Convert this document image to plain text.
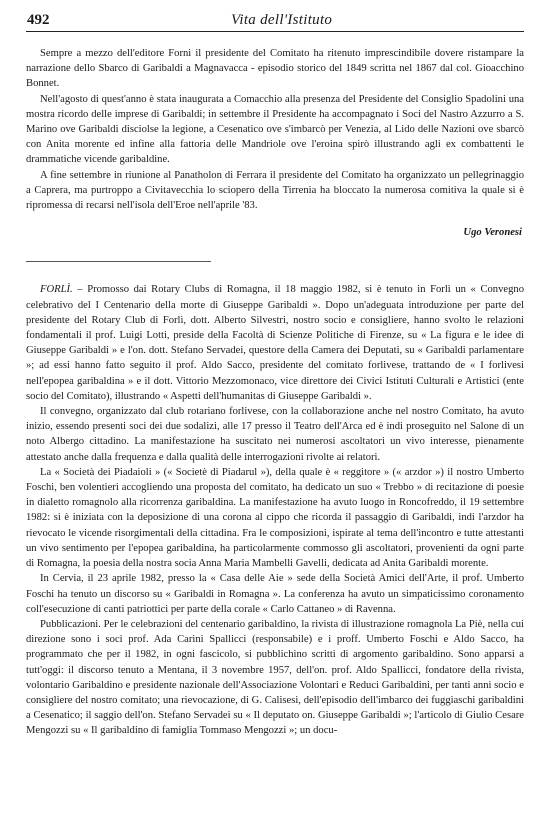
492	Vita dell'Istituto

Sempre a mezzo dell'editore Forni il presidente del Comitato ha ritenuto imprescindibile dovere ristampare la narrazione dello Sbarco di Garibaldi a Magnavacca - episodio storico del 1849 scritta nel 1867 dal col. Gioacchino Bonnet.

Nell'agosto di quest'anno è stata inaugurata a Comacchio alla presenza del Presidente del Consiglio Spadolini una mostra ricordo delle imprese di Garibaldi; in settembre il Presidente ha accompagnato i Soci del Nastro Azzurro a S. Marino ove Garibaldi disciolse la legione, a Cesenatico ove s'imbarcò per Venezia, al Lido delle Nazioni ove sbarcò con Anita morente ed infine alla fattoria delle Mandriole ove l'eroina spirò illustrando agli ex combattenti le drammatiche vicende garibaldine.

A fine settembre in riunione al Panatholon di Ferrara il presidente del Comitato ha organizzato un pellegrinaggio a Caprera, ma purtroppo a Civitavecchia lo sciopero della Tirrenia ha bloccato la numerosa comitiva la quale si è ripromessa di recarsi nell'isola dell'Eroe nell'aprile '83.

Ugo Veronesi

FORLÌ. – Promosso dai Rotary Clubs di Romagna, il 18 maggio 1982, si è tenuto in Forlì un « Convegno celebrativo del I Centenario della morte di Giuseppe Garibaldi ». Dopo un'adeguata introduzione per parte del presidente del Rotary Club di Forlì, dott. Alberto Silvestri, nostro socio e consigliere, hanno svolto le relazioni fondamentali il prof. Luigi Lotti, preside della Facoltà di Scienze Politiche di Firenze, su « La figura e le idee di Giuseppe Garibaldi » e l'on. dott. Stefano Servadei, questore della Camera dei Deputati, su « Garibaldi parlamentare »; ad essi hanno fatto seguito il prof. Aldo Sacco, presidente del comitato forlivese, trattando de « I forlivesi nell'epopea garibaldina » e il dott. Vittorio Mezzomonaco, vice direttore dei Civici Istituti Culturali e Artistici (ente socio del Comitato), illustrando « Aspetti dell'humanitas di Giuseppe Garibaldi ».

Il convegno, organizzato dal club rotariano forlivese, con la collaborazione anche nel nostro Comitato, ha avuto inizio, essendo presenti soci dei due sodalizi, alle 17 presso il Teatro dell'Arca ed è indi proseguito nel Salone di un noto Albergo cittadino. La manifestazione ha suscitato nei numerosi ascoltatori un vivo interesse, pienamente attestato anche dalla frequenza e dalla qualità delle interrogazioni rivolte ai relatori.

La « Società dei Piadaioli » (« Societè di Piadarul »), della quale è « reggitore » (« arzdor ») il nostro Umberto Foschi, ben volentieri accogliendo una proposta del comitato, ha dedicato un suo « Trebbo » di recitazione di poesie in dialetto romagnolo alla ricorrenza garibaldina. La manifestazione ha avuto luogo in Roncofreddo, il 19 settembre 1982: si è iniziata con la deposizione di una corona al cippo che ricorda il passaggio di Garibaldi, indi l'arzdor ha rievocato le vicende risorgimentali della cittadina. Fra le composizioni, ispirate al tema dell'incontro e tutte attestanti un vivo sentimento per l'epopea garibaldina, ha particolarmente commosso gli ascoltatori, provenienti da ogni parte di Romagna, la poesia della nostra socia Anna Maria Mambelli Gavelli, dedicata ad Anita Garibaldi morente.

In Cervia, il 23 aprile 1982, presso la « Casa delle Aie » sede della Società Amici dell'Arte, il prof. Umberto Foschi ha tenuto un discorso su « Garibaldi in Romagna ». La conferenza ha avuto un simpaticissimo coronamento coll'esecuzione di canti patriottici per parte della corale « Carlo Cattaneo » di Ravenna.

Pubblicazioni. Per le celebrazioni del centenario garibaldino, la rivista di illustrazione romagnola La Piè, nella cui direzione sono i soci prof. Ada Carini Spallicci (responsabile) e i proff. Umberto Foschi e Aldo Sacco, ha programmato che per il 1982, in ogni fascicolo, si pubblichino scritti di argomento garibaldino. Sono apparsi a tutt'oggi: il discorso tenuto a Mentana, il 3 novembre 1957, dell'on. prof. Aldo Spallicci, fondatore della rivista, volontario Garibaldino e presidente nazionale dell'Associazione Volontari e Reduci Garibaldini, per tanti anni socio e consigliere del nostro comitato; una rievocazione, di G. Calisesi, dell'episodio dell'imbarco dei fuggiaschi garibaldini a Cesenatico; il saggio dell'on. Stefano Servadei su « Il deputato on. Giuseppe Garibaldi »; l'articolo di Giulio Cesare Mengozzi su « Il garibaldino di famiglia Tommaso Mengozzi »; un docu-
